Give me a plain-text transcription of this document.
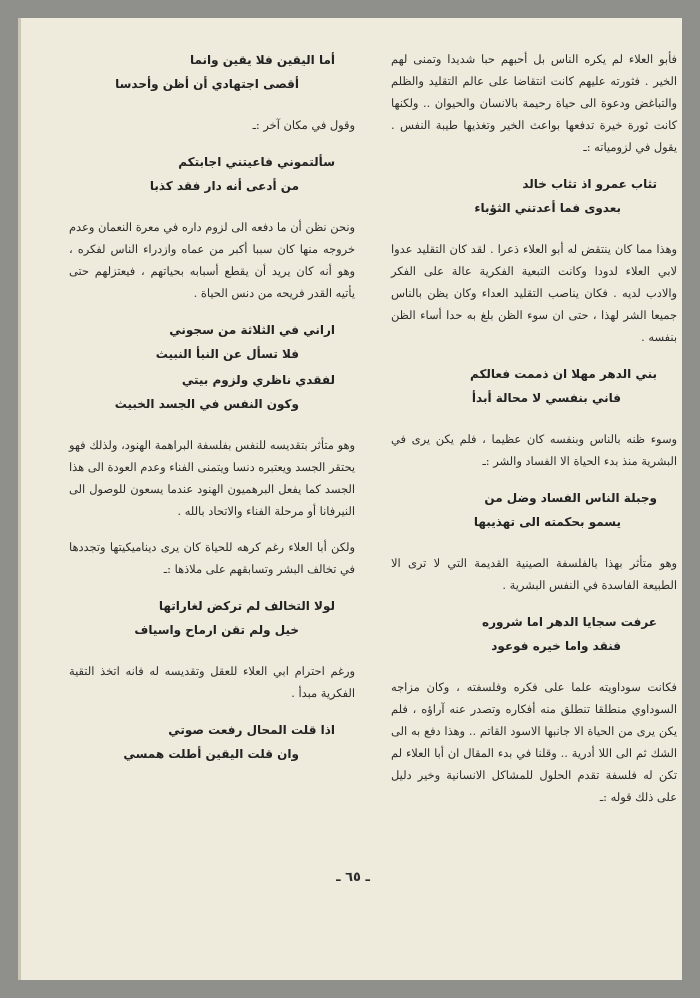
فأبو العلاء لم يكره الناس بل أحبهم حبا شديدا وتمنى لهم الخير . فثورته عليهم كانت انتقاضا على عالم التقليد والظلم والتباغض ودعوة الى حياة رحيمة بالانسان والحيوان .. ولكنها كانت ثورة خيرة تدفعها بواعث الخير وتغذيها طيبة النفس . يقول في لزومياته :ـ

تثاب عمرو اذ تثاب خالد
بعدوى فما أعدتني الثؤباء

وهذا مما كان ينتقض له أبو العلاء ذعرا . لقد كان التقليد عدوا لابي العلاء لدودا وكانت التبعية الفكرية عالة على الفكر والادب لديه . فكان يناصب التقليد العداء وكان يظن بالناس جميعا الشر لهذا ، حتى ان سوء الظن بلغ به حدا أساء الظن بنفسه .

بني الدهر مهلا ان ذممت فعالكم
فاني بنفسي لا محالة أبدأ

وسوء ظنه بالناس وبنفسه كان عظيما ، فلم يكن يرى في البشرية منذ بدء الحياة الا الفساد والشر :ـ

وجبلة الناس الفساد وضل من
يسمو بحكمته الى تهذيبها

وهو متأثر بهذا بالفلسفة الصينية القديمة التي لا ترى الا الطبيعة الفاسدة في النفس البشرية .

عرفت سجايا الدهر اما شروره
فنقد واما خيره فوعود

فكانت سوداويته علما على فكره وفلسفته ، وكان مزاجه السوداوي منطلقا تنطلق منه أفكاره وتصدر عنه آراؤه ، فلم يكن يرى من الحياة الا جانبها الاسود القاتم .. وهذا دفع به الى الشك ثم الى اللا أدرية .. وقلنا في بدء المقال ان أبا العلاء لم تكن له فلسفة تقدم الحلول للمشاكل الانسانية وخير دليل على ذلك قوله :ـ

أما اليقين فلا يقين وانما
أقصى اجتهادي أن أظن وأحدسا

وقول في مكان آخر :ـ

سألتموني فاعيتني اجابتكم
من أدعى أنه دار فقد كذبا

ونحن نظن أن ما دفعه الى لزوم داره في معرة النعمان وعدم خروجه منها كان سببا أكبر من عماه وازدراء الناس لفكره ، وهو أنه كان يريد أن يقطع أسبابه بحياتهم ، فيعتزلهم حتى يأتيه القدر فريحه من دنس الحياة .

اراني في الثلاثة من سجوني
فلا تسأل عن النبأ النبيث
لفقدي ناظري ولزوم بيتي
وكون النفس في الجسد الخبيث

وهو متأثر بتقديسه للنفس بفلسفة البراهمة الهنود، ولذلك فهو يحتقر الجسد ويعتبره دنسا ويتمنى الفناء وعدم العودة الى هذا الجسد كما يفعل البرهميون الهنود عندما يسعون للوصول الى النيرفانا أو مرحلة الفناء والاتحاد بالله .

ولكن أبا العلاء رغم كرهه للحياة كان يرى ديناميكيتها وتجددها في تخالف البشر وتسابقهم على ملاذها :ـ

لولا التخالف لم تركض لغاراتها
خيل ولم تقن ارماح واسياف

ورغم احترام ابي العلاء للعقل وتقديسه له فانه اتخذ التقية الفكرية مبدأ .

اذا قلت المحال رفعت صوتي
وان قلت اليقين أطلت همسي
ـ ٦٥ ـ
